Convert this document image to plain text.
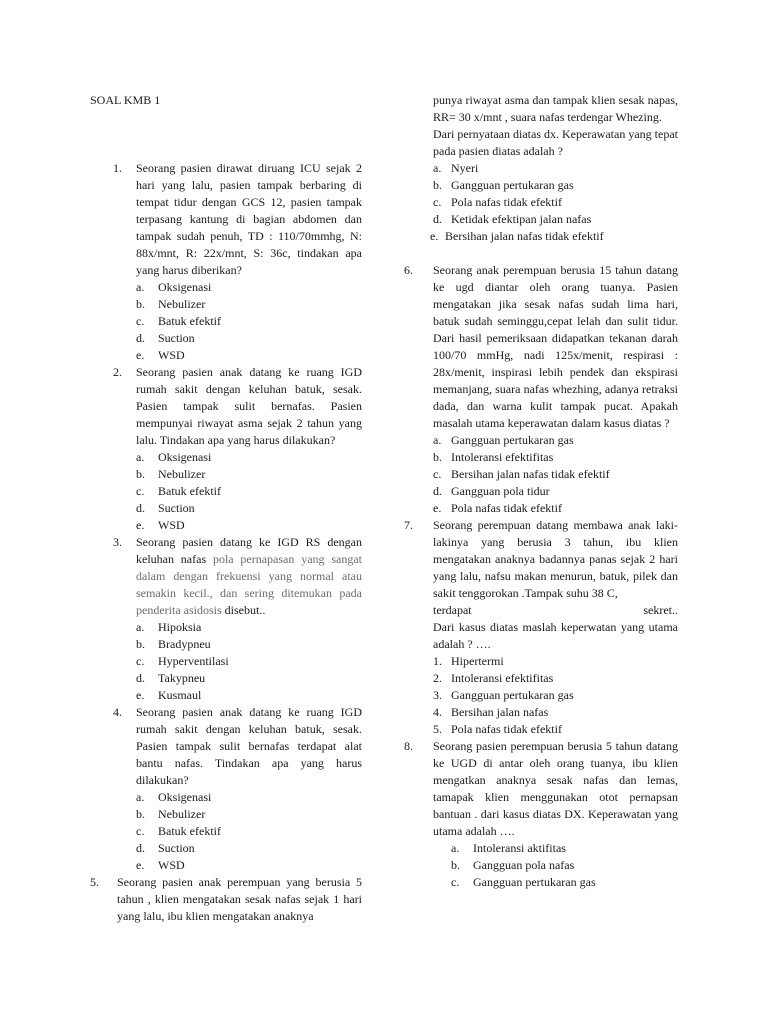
SOAL KMB 1

1. Seorang pasien dirawat diruang ICU sejak 2 hari yang lalu, pasien tampak berbaring di tempat tidur dengan GCS 12, pasien tampak terpasang kantung di bagian abdomen dan tampak sudah penuh, TD : 110/70mmhg, N: 88x/mnt, R: 22x/mnt, S: 36c, tindakan apa yang harus diberikan?

a. Oksigenasi
b. Nebulizer
c. Batuk efektif
d. Suction
e. WSD
2. Seorang pasien anak datang ke ruang IGD rumah sakit dengan keluhan batuk, sesak. Pasien tampak sulit bernafas. Pasien mempunyai riwayat asma sejak 2 tahun yang lalu. Tindakan apa yang harus dilakukan?

a. Oksigenasi
b. Nebulizer
c. Batuk efektif
d. Suction
e. WSD
3. Seorang pasien datang ke IGD RS dengan keluhan nafas pola pernapasan yang sangat dalam dengan frekuensi yang normal atau semakin kecil., dan sering ditemukan pada penderita asidosis disebut..

a. Hipoksia
b. Bradypneu
c. Hyperventilasi
d. Takypneu
e. Kusmaul
4. Seorang pasien anak datang ke ruang IGD rumah sakit dengan keluhan batuk, sesak. Pasien tampak sulit bernafas terdapat alat bantu nafas. Tindakan apa yang harus dilakukan?

a. Oksigenasi
b. Nebulizer
c. Batuk efektif
d. Suction
e. WSD
5. Seorang pasien anak perempuan yang berusia 5 tahun , klien mengatakan sesak nafas sejak 1 hari yang lalu, ibu klien mengatakan anaknya

punya riwayat asma dan tampak klien sesak napas, RR= 30 x/mnt , suara nafas terdengar Whezing.

Dari pernyataan diatas dx. Keperawatan yang tepat pada pasien diatas adalah ?

a. Nyeri
b. Gangguan pertukaran gas
c. Pola nafas tidak efektif
d. Ketidak efektipan jalan nafas
e. Bersihan jalan nafas tidak efektif
6. Seorang anak perempuan berusia 15 tahun datang ke ugd diantar oleh orang tuanya. Pasien mengatakan jika sesak nafas sudah lima hari, batuk sudah seminggu,cepat lelah dan sulit tidur. Dari hasil pemeriksaan didapatkan tekanan darah 100/70 mmHg, nadi 125x/menit, respirasi : 28x/menit, inspirasi lebih pendek dan ekspirasi memanjang, suara nafas whezhing, adanya retraksi dada, dan warna kulit tampak pucat. Apakah masalah utama keperawatan dalam kasus diatas ?

a. Gangguan pertukaran gas
b. Intoleransi efektifitas
c. Bersihan jalan nafas tidak efektif
d. Gangguan pola tidur
e. Pola nafas tidak efektif
7. Seorang perempuan datang membawa anak laki-lakinya yang berusia 3 tahun, ibu klien mengatakan anaknya badannya panas sejak 2 hari yang lalu, nafsu makan menurun, batuk, pilek dan sakit tenggorokan .Tampak suhu 38 C,

terdapat	sekret..

Dari kasus diatas maslah keperwatan yang utama adalah ? ….

1. Hipertermi
2. Intoleransi efektifitas
3. Gangguan pertukaran gas
4. Bersihan jalan nafas
5. Pola nafas tidak efektif
8. Seorang pasien perempuan berusia 5 tahun datang ke UGD di antar oleh orang tuanya, ibu klien mengatkan anaknya sesak nafas dan lemas, tamapak klien menggunakan otot pernapsan bantuan . dari kasus diatas DX. Keperawatan yang utama adalah ….

a. Intoleransi aktifitas
b. Gangguan pola nafas
c. Gangguan pertukaran gas
